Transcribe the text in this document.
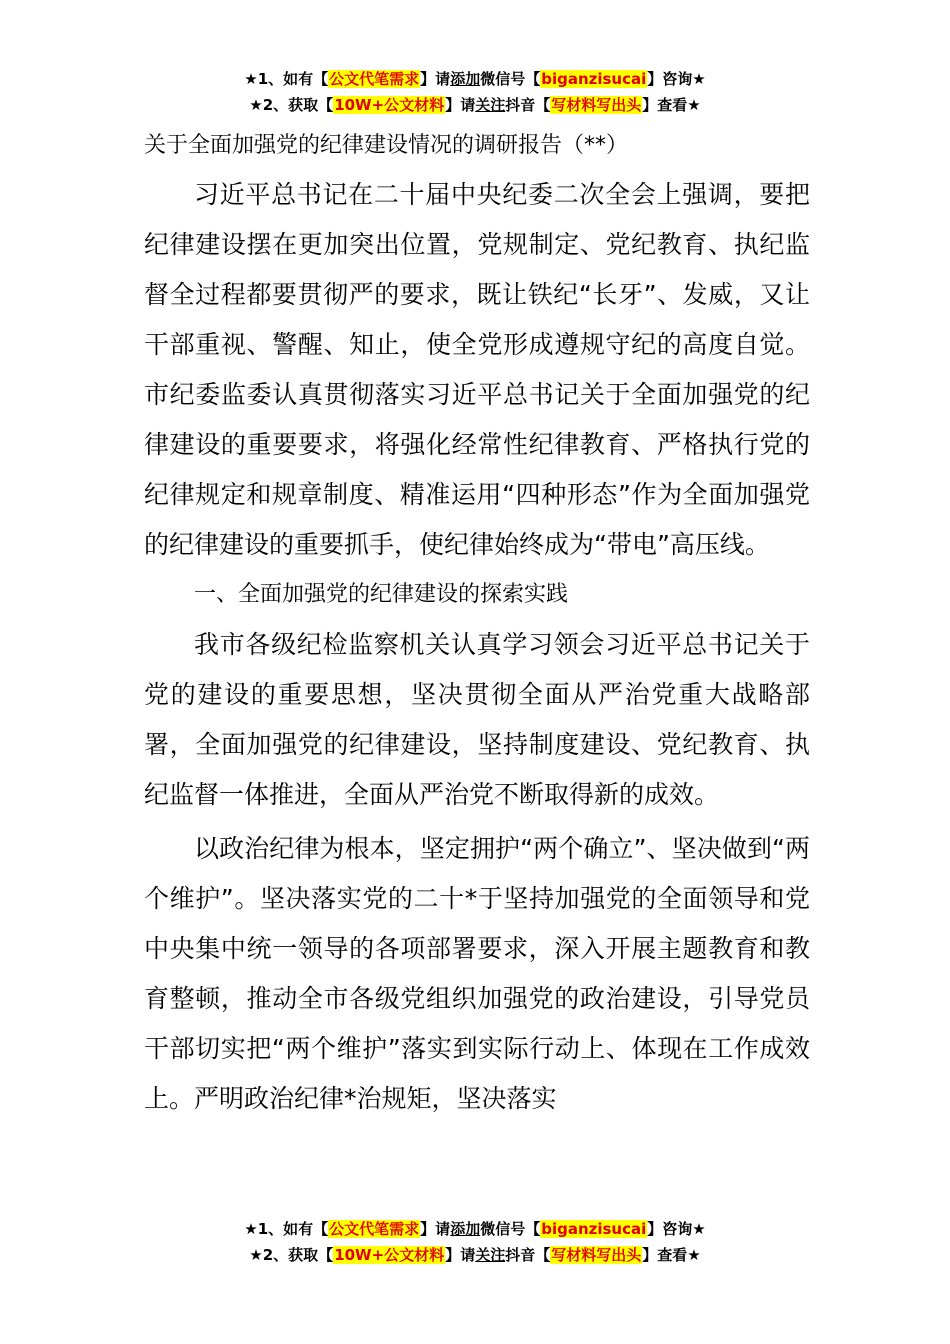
★1、如有【公文代笔需求】请添加微信号【biganzisucai】咨询★
★2、获取【10W+公文材料】请关注抖音【写材料写出头】查看★
关于全面加强党的纪律建设情况的调研报告（**）

习近平总书记在二十届中央纪委二次全会上强调，要把纪律建设摆在更加突出位置，党规制定、党纪教育、执纪监督全过程都要贯彻严的要求，既让铁纪“长牙”、发威，又让干部重视、警醒、知止，使全党形成遵规守纪的高度自觉。市纪委监委认真贯彻落实习近平总书记关于全面加强党的纪律建设的重要要求，将强化经常性纪律教育、严格执行党的纪律规定和规章制度、精准运用“四种形态”作为全面加强党的纪律建设的重要抓手，使纪律始终成为“带电”高压线。

一、全面加强党的纪律建设的探索实践

我市各级纪检监察机关认真学习领会习近平总书记关于党的建设的重要思想，坚决贯彻全面从严治党重大战略部署，全面加强党的纪律建设，坚持制度建设、党纪教育、执纪监督一体推进，全面从严治党不断取得新的成效。

以政治纪律为根本，坚定拥护“两个确立”、坚决做到“两个维护”。坚决落实党的二十*于坚持加强党的全面领导和党中央集中统一领导的各项部署要求，深入开展主题教育和教育整顿，推动全市各级党组织加强党的政治建设，引导党员干部切实把“两个维护”落实到实际行动上、体现在工作成效上。严明政治纪律*治规矩，坚决落实

★1、如有【公文代笔需求】请添加微信号【biganzisucai】咨询★
★2、获取【10W+公文材料】请关注抖音【写材料写出头】查看★
